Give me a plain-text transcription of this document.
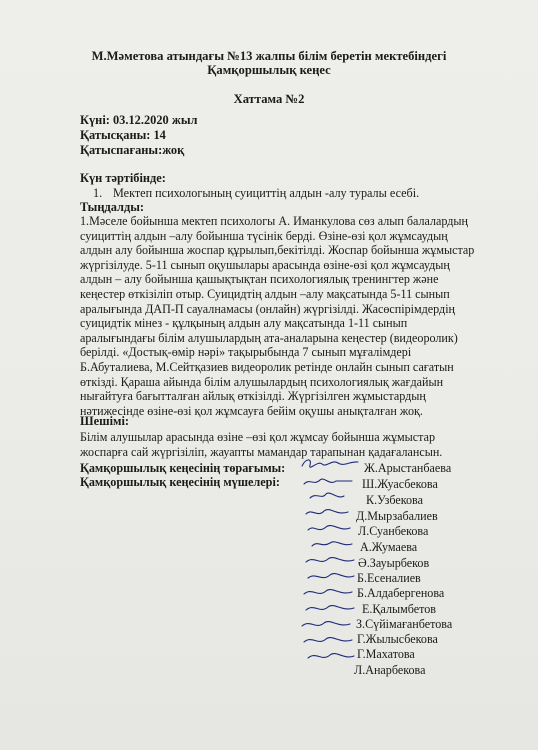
М.Мәметова атындағы №13 жалпы білім беретін мектебіндегі
Қамқоршылық кеңес
Хаттама №2
Күні: 03.12.2020 жыл
Қатысқаны: 14
Қатыспағаны:жоқ
Күн тәртібінде:
1. Мектеп психологының суициттің алдын -алу туралы есебі.
Тыңдалды:
1.Мәселе бойынша мектеп психологы А. Иманкулова сөз алып балалардың
суициттің алдын –алу бойынша түсінік берді. Өзіне-өзі қол жұмсаудың
алдын алу бойынша жоспар құрылып,бекітілді. Жоспар бойынша жұмыстар
жүргізілуде. 5-11 сынып оқушылары арасында өзіне-өзі қол жұмсаудың
алдын – алу бойынша қашықтықтан психологиялық тренингтер және
кеңестер өткізіліп отыр. Суицидтің алдын –алу мақсатында 5-11 сынып
аралығында ДАП-П сауалнамасы (онлайн) жүргізілді. Жасөспірімдердің
суицидтік мінез - құлқының алдын алу мақсатында 1-11 сынып
аралығындағы білім алушылардың ата-аналарына кеңестер (видеоролик)
берілді. «Достық-өмір нәрі» тақырыбында 7 сынып мұғалімдері
Б.Абуталиева, М.Сейтқазиев видеоролик ретінде онлайн сынып сағатын
өткізді. Қараша айында білім алушылардың психологиялық жағдайын
нығайтуға бағытталған айлық өткізілді. Жүргізілген жұмыстардың
нәтижесінде өзіне-өзі қол жұмсауға бейім оқушы анықталған жоқ.
Шешімі:
Білім алушылар арасында өзіне –өзі қол жұмсау бойынша жұмыстар
жоспарға сай жүргізіліп, жауапты мамандар тарапынан қадағалансын.
Қамқоршылық кеңесінің төрағымы:
Қамқоршылық кеңесінің мүшелері:
Ж.Арыстанбаева
Ш.Жуасбекова
К.Узбекова
Д.Мырзабалиев
Л.Суанбекова
А.Жумаева
Ә.Зауырбеков
Б.Есеналиев
Б.Алдабергенова
Е.Қалымбетов
З.Сүйімағанбетова
Г.Жылысбекова
Г.Махатова
Л.Анарбекова
